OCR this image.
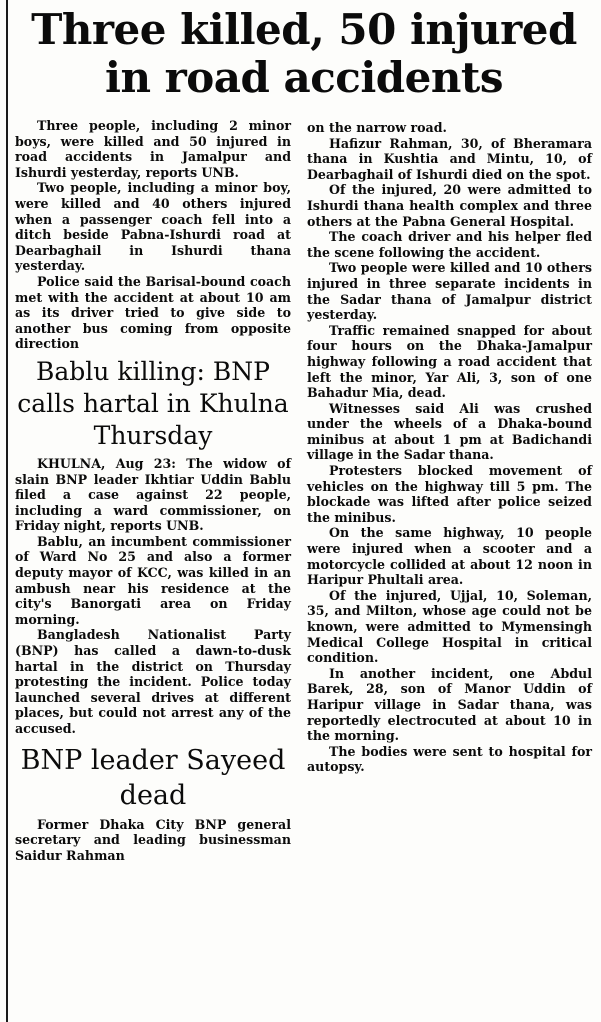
Three killed, 50 injured in road accidents

Three people, including 2 minor boys, were killed and 50 injured in road accidents in Jamalpur and Ishurdi yesterday, reports UNB.

Two people, including a minor boy, were killed and 40 others injured when a passenger coach fell into a ditch beside Pabna-Ishurdi road at Dearbaghail in Ishurdi thana yesterday.

Police said the Barisal-bound coach met with the accident at about 10 am as its driver tried to give side to another bus coming from opposite direction

Bablu killing: BNP calls hartal in Khulna Thursday

KHULNA, Aug 23: The widow of slain BNP leader Ikhtiar Uddin Bablu filed a case against 22 people, including a ward commissioner, on Friday night, reports UNB.

Bablu, an incumbent commissioner of Ward No 25 and also a former deputy mayor of KCC, was killed in an ambush near his residence at the city's Banorgati area on Friday morning.

Bangladesh Nationalist Party (BNP) has called a dawn-to-dusk hartal in the district on Thursday protesting the incident. Police today launched several drives at different places, but could not arrest any of the accused.

BNP leader Sayeed dead

Former Dhaka City BNP general secretary and leading businessman Saidur Rahman

on the narrow road.

Hafizur Rahman, 30, of Bheramara thana in Kushtia and Mintu, 10, of Dearbaghail of Ishurdi died on the spot.

Of the injured, 20 were admitted to Ishurdi thana health complex and three others at the Pabna General Hospital.

The coach driver and his helper fled the scene following the accident.

Two people were killed and 10 others injured in three separate incidents in the Sadar thana of Jamalpur district yesterday.

Traffic remained snapped for about four hours on the Dhaka-Jamalpur highway following a road accident that left the minor, Yar Ali, 3, son of one Bahadur Mia, dead.

Witnesses said Ali was crushed under the wheels of a Dhaka-bound minibus at about 1 pm at Badichandi village in the Sadar thana.

Protesters blocked movement of vehicles on the highway till 5 pm. The blockade was lifted after police seized the minibus.

On the same highway, 10 people were injured when a scooter and a motorcycle collided at about 12 noon in Haripur Phultali area.

Of the injured, Ujjal, 10, Soleman, 35, and Milton, whose age could not be known, were admitted to Mymensingh Medical College Hospital in critical condition.

In another incident, one Abdul Barek, 28, son of Manor Uddin of Haripur village in Sadar thana, was reportedly electrocuted at about 10 in the morning.

The bodies were sent to hospital for autopsy.
